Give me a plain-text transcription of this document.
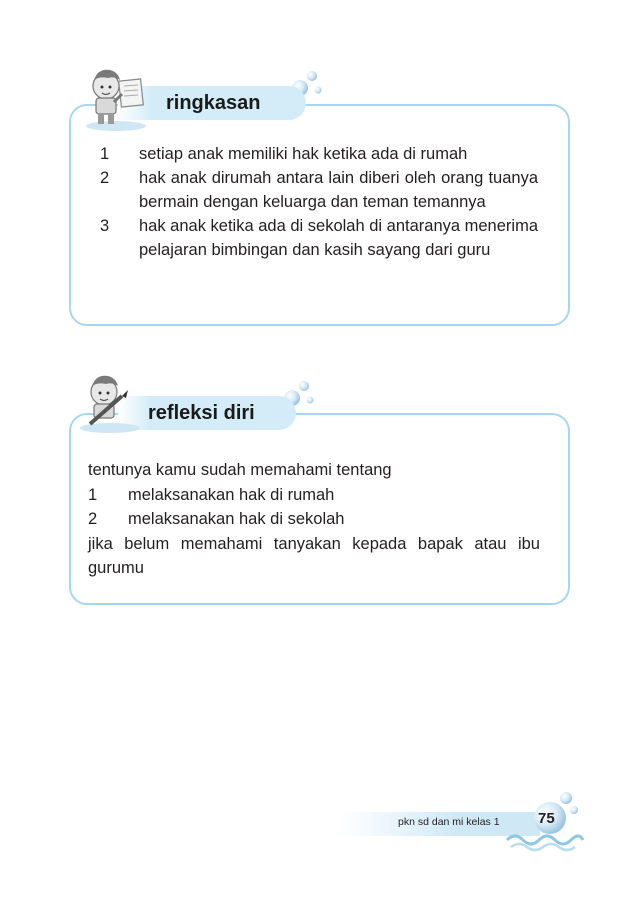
ringkasan
1 setiap anak memiliki hak ketika ada di rumah
2 hak anak dirumah antara lain diberi oleh orang tuanya bermain dengan keluarga dan teman temannya
3 hak anak ketika ada di sekolah di antaranya menerima pelajaran bimbingan dan kasih sayang dari guru
refleksi diri
tentunya kamu sudah memahami tentang
1 melaksanakan hak di rumah
2 melaksanakan hak di sekolah
jika belum memahami tanyakan kepada bapak atau ibu gurumu
pkn sd dan mi kelas 1	75
